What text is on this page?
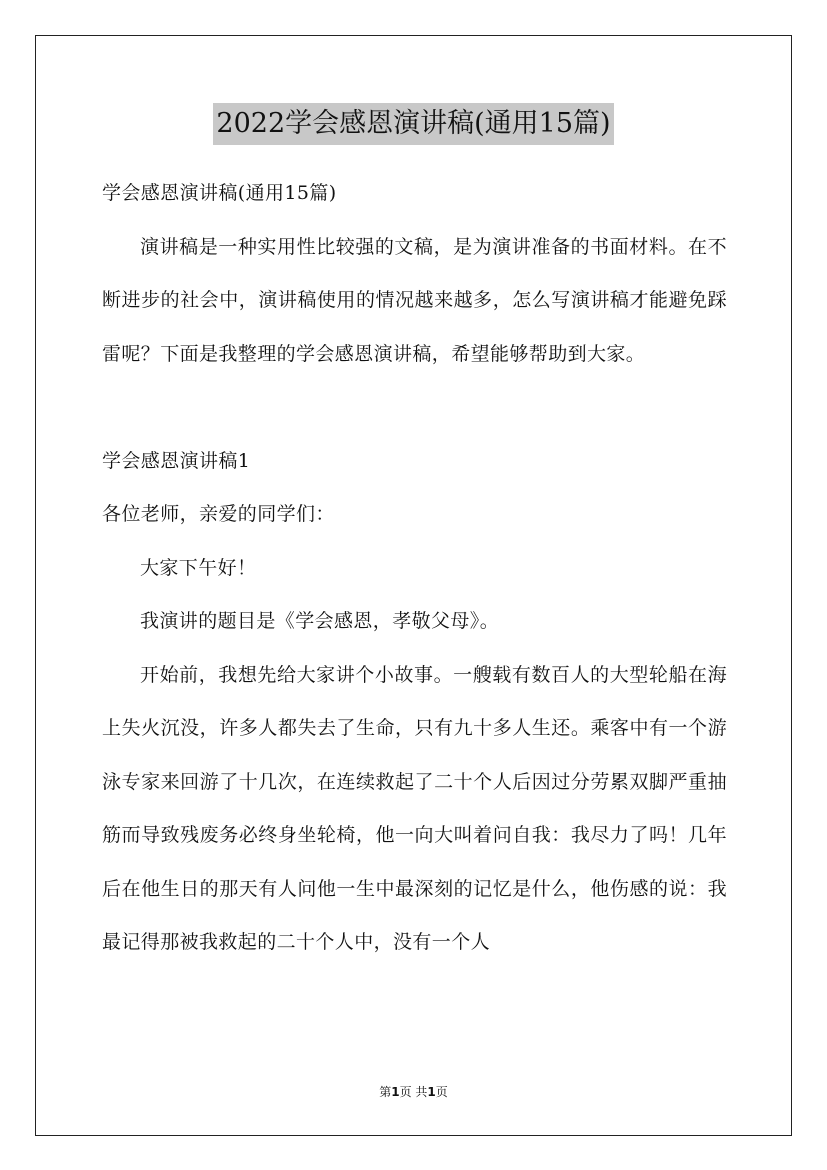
2022学会感恩演讲稿(通用15篇)

学会感恩演讲稿(通用15篇)

演讲稿是一种实用性比较强的文稿，是为演讲准备的书面材料。在不断进步的社会中，演讲稿使用的情况越来越多，怎么写演讲稿才能避免踩雷呢？下面是我整理的学会感恩演讲稿，希望能够帮助到大家。

学会感恩演讲稿1

各位老师，亲爱的同学们：

大家下午好！

我演讲的题目是《学会感恩，孝敬父母》。

开始前，我想先给大家讲个小故事。一艘载有数百人的大型轮船在海上失火沉没，许多人都失去了生命，只有九十多人生还。乘客中有一个游泳专家来回游了十几次，在连续救起了二十个人后因过分劳累双脚严重抽筋而导致残废务必终身坐轮椅，他一向大叫着问自我：我尽力了吗！几年后在他生日的那天有人问他一生中最深刻的记忆是什么，他伤感的说：我最记得那被我救起的二十个人中，没有一个人

第1页 共1页
